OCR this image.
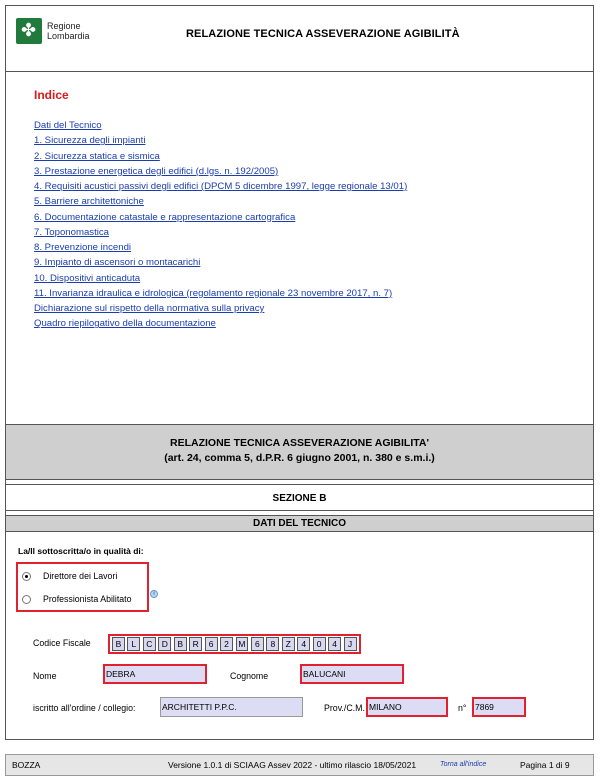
✤ Regione
Lombardia	RELAZIONE TECNICA ASSEVERAZIONE AGIBILITÀ
Indice
Dati del Tecnico
1. Sicurezza degli impianti
2. Sicurezza statica e sismica
3. Prestazione energetica degli edifici (d.lgs. n. 192/2005)
4. Requisiti acustici passivi degli edifici (DPCM 5 dicembre 1997, legge regionale 13/01)
5. Barriere architettoniche
6. Documentazione catastale e rappresentazione cartografica
7. Toponomastica
8. Prevenzione incendi
9. Impianto di ascensori o montacarichi
10. Dispositivi anticaduta
11. Invarianza idraulica e idrologica (regolamento regionale 23 novembre 2017, n. 7)
Dichiarazione sul rispetto della normativa sulla privacy
Quadro riepilogativo della documentazione
RELAZIONE TECNICA ASSEVERAZIONE AGIBILITA'
(art. 24, comma 5, d.P.R. 6 giugno 2001, n. 380 e s.m.i.)
SEZIONE B
DATI DEL TECNICO
La/Il sottoscritta/o in qualità di:
Direttore dei Lavori
Professionista Abilitato	i
Codice Fiscale	B	L	C	D	B	R	6	2	M	6	8	Z	4	0	4	J
Nome	DEBRA	Cognome	BALUCANI
iscritto all'ordine / collegio:	ARCHITETTI P.P.C.	Prov./C.M. MILANO	n°	7869
BOZZA	Versione 1.0.1 di SCIAAG Assev 2022 - ultimo rilascio 18/05/2021	Torna all'indice	Pagina 1 di 9
